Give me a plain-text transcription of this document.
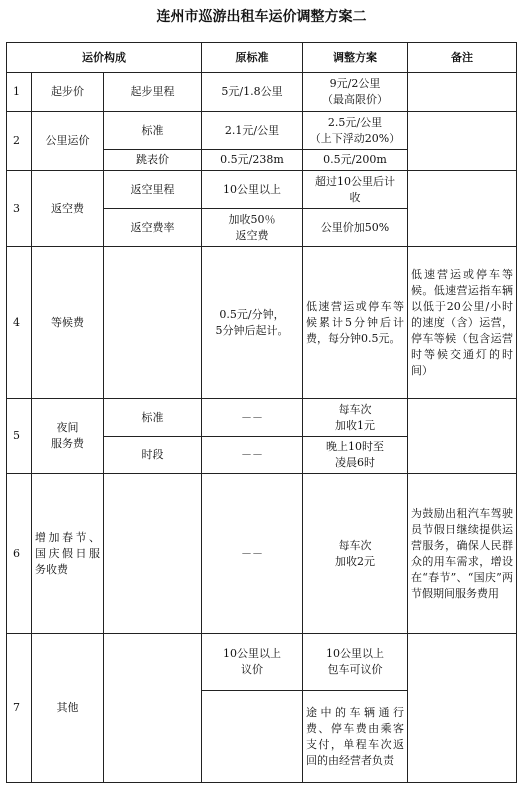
连州市巡游出租车运价调整方案二
运价构成			原标准	调整方案	备注
1	起步价	起步里程	5元/1.8公里	9元/2公里
（最高限价）	
2	公里运价	标准	2.1元/公里	2.5元/公里
（上下浮动20%）	
		跳表价	0.5元/238m	0.5元/200m	
3	返空费	返空里程	10公里以上	超过10公里后计
收	
		返空费率	加收50％
返空费	公里价加50%	
4	等候费		0.5元/分钟，
5分钟后起计。	低速营运或停车等候累计5分钟后计费，每分钟0.5元。	低速营运或停车等候。低速营运指车辆以低于20公里/小时的速度（含）运营，停车等候（包含运营时等候交通灯的时间）
5	夜间
服务费	标准	－－	每车次
加收1元	
		时段	－－	晚上10时至
凌晨6时	
6	增加春节、国庆假日服务收费		－－	每车次
加收2元	为鼓励出租汽车驾驶员节假日继续提供运营服务，确保人民群众的用车需求，增设在“春节”、“国庆”两节假期间服务费用
7	其他		10公里以上
议价	10公里以上
包车可议价	
				途中的车辆通行费、停车费由乘客支付，单程车次返回的由经营者负责	
